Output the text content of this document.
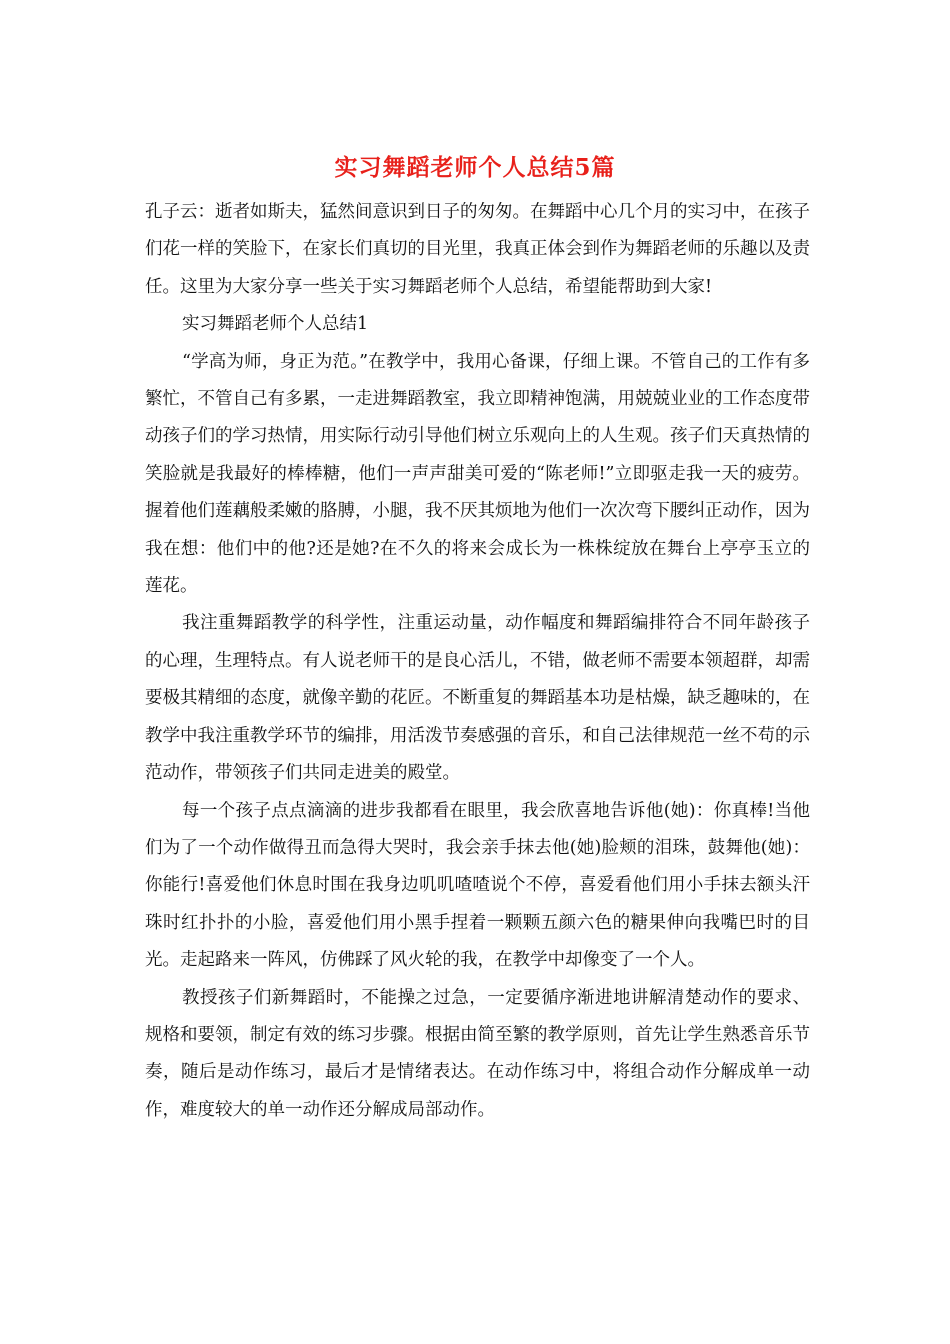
实习舞蹈老师个人总结5篇

孔子云：逝者如斯夫，猛然间意识到日子的匆匆。在舞蹈中心几个月的实习中，在孩子们花一样的笑脸下，在家长们真切的目光里，我真正体会到作为舞蹈老师的乐趣以及责任。这里为大家分享一些关于实习舞蹈老师个人总结，希望能帮助到大家!

实习舞蹈老师个人总结1

“学高为师，身正为范。”在教学中，我用心备课，仔细上课。不管自己的工作有多繁忙，不管自己有多累，一走进舞蹈教室，我立即精神饱满，用兢兢业业的工作态度带动孩子们的学习热情，用实际行动引导他们树立乐观向上的人生观。孩子们天真热情的笑脸就是我最好的棒棒糖，他们一声声甜美可爱的“陈老师!”立即驱走我一天的疲劳。握着他们莲藕般柔嫩的胳膊，小腿，我不厌其烦地为他们一次次弯下腰纠正动作，因为我在想：他们中的他?还是她?在不久的将来会成长为一株株绽放在舞台上亭亭玉立的莲花。

我注重舞蹈教学的科学性，注重运动量，动作幅度和舞蹈编排符合不同年龄孩子的心理，生理特点。有人说老师干的是良心活儿，不错，做老师不需要本领超群，却需要极其精细的态度，就像辛勤的花匠。不断重复的舞蹈基本功是枯燥，缺乏趣味的，在教学中我注重教学环节的编排，用活泼节奏感强的音乐，和自己法律规范一丝不苟的示范动作，带领孩子们共同走进美的殿堂。

每一个孩子点点滴滴的进步我都看在眼里，我会欣喜地告诉他(她)：你真棒!当他们为了一个动作做得丑而急得大哭时，我会亲手抹去他(她)脸颊的泪珠，鼓舞他(她)：你能行!喜爱他们休息时围在我身边叽叽喳喳说个不停，喜爱看他们用小手抹去额头汗珠时红扑扑的小脸，喜爱他们用小黑手捏着一颗颗五颜六色的糖果伸向我嘴巴时的目光。走起路来一阵风，仿佛踩了风火轮的我，在教学中却像变了一个人。

教授孩子们新舞蹈时，不能操之过急，一定要循序渐进地讲解清楚动作的要求、规格和要领，制定有效的练习步骤。根据由简至繁的教学原则，首先让学生熟悉音乐节奏，随后是动作练习，最后才是情绪表达。在动作练习中，将组合动作分解成单一动作，难度较大的单一动作还分解成局部动作。
